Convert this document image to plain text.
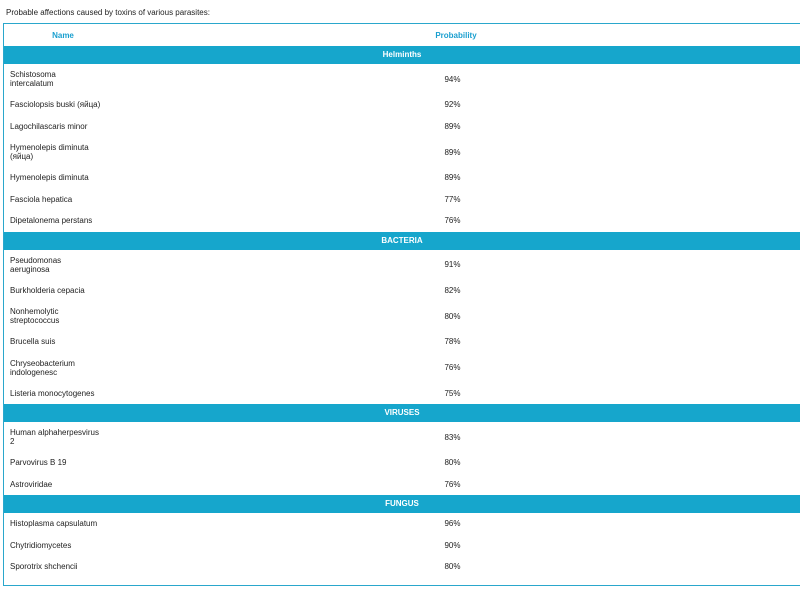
Probable affections caused by toxins of various parasites:
Name	Probability
Helminths
Schistosoma
intercalatum	94%
Fasciolopsis buski (яйца)	92%
Lagochilascaris minor	89%
Hymenolepis diminuta
(яйца)	89%
Hymenolepis diminuta	89%
Fasciola hepatica	77%
Dipetalonema perstans	76%
BACTERIA
Pseudomonas
aeruginosa	91%
Burkholderia cepacia	82%
Nonhemolytic
streptococcus	80%
Brucella suis	78%
Chryseobacterium
indologenesc	76%
Listeria monocytogenes	75%
VIRUSES
Human alphaherpesvirus
2	83%
Parvovirus B 19	80%
Astroviridae	76%
FUNGUS
Histoplasma capsulatum	96%
Chytridiomycetes	90%
Sporotrix shchencii	80%
